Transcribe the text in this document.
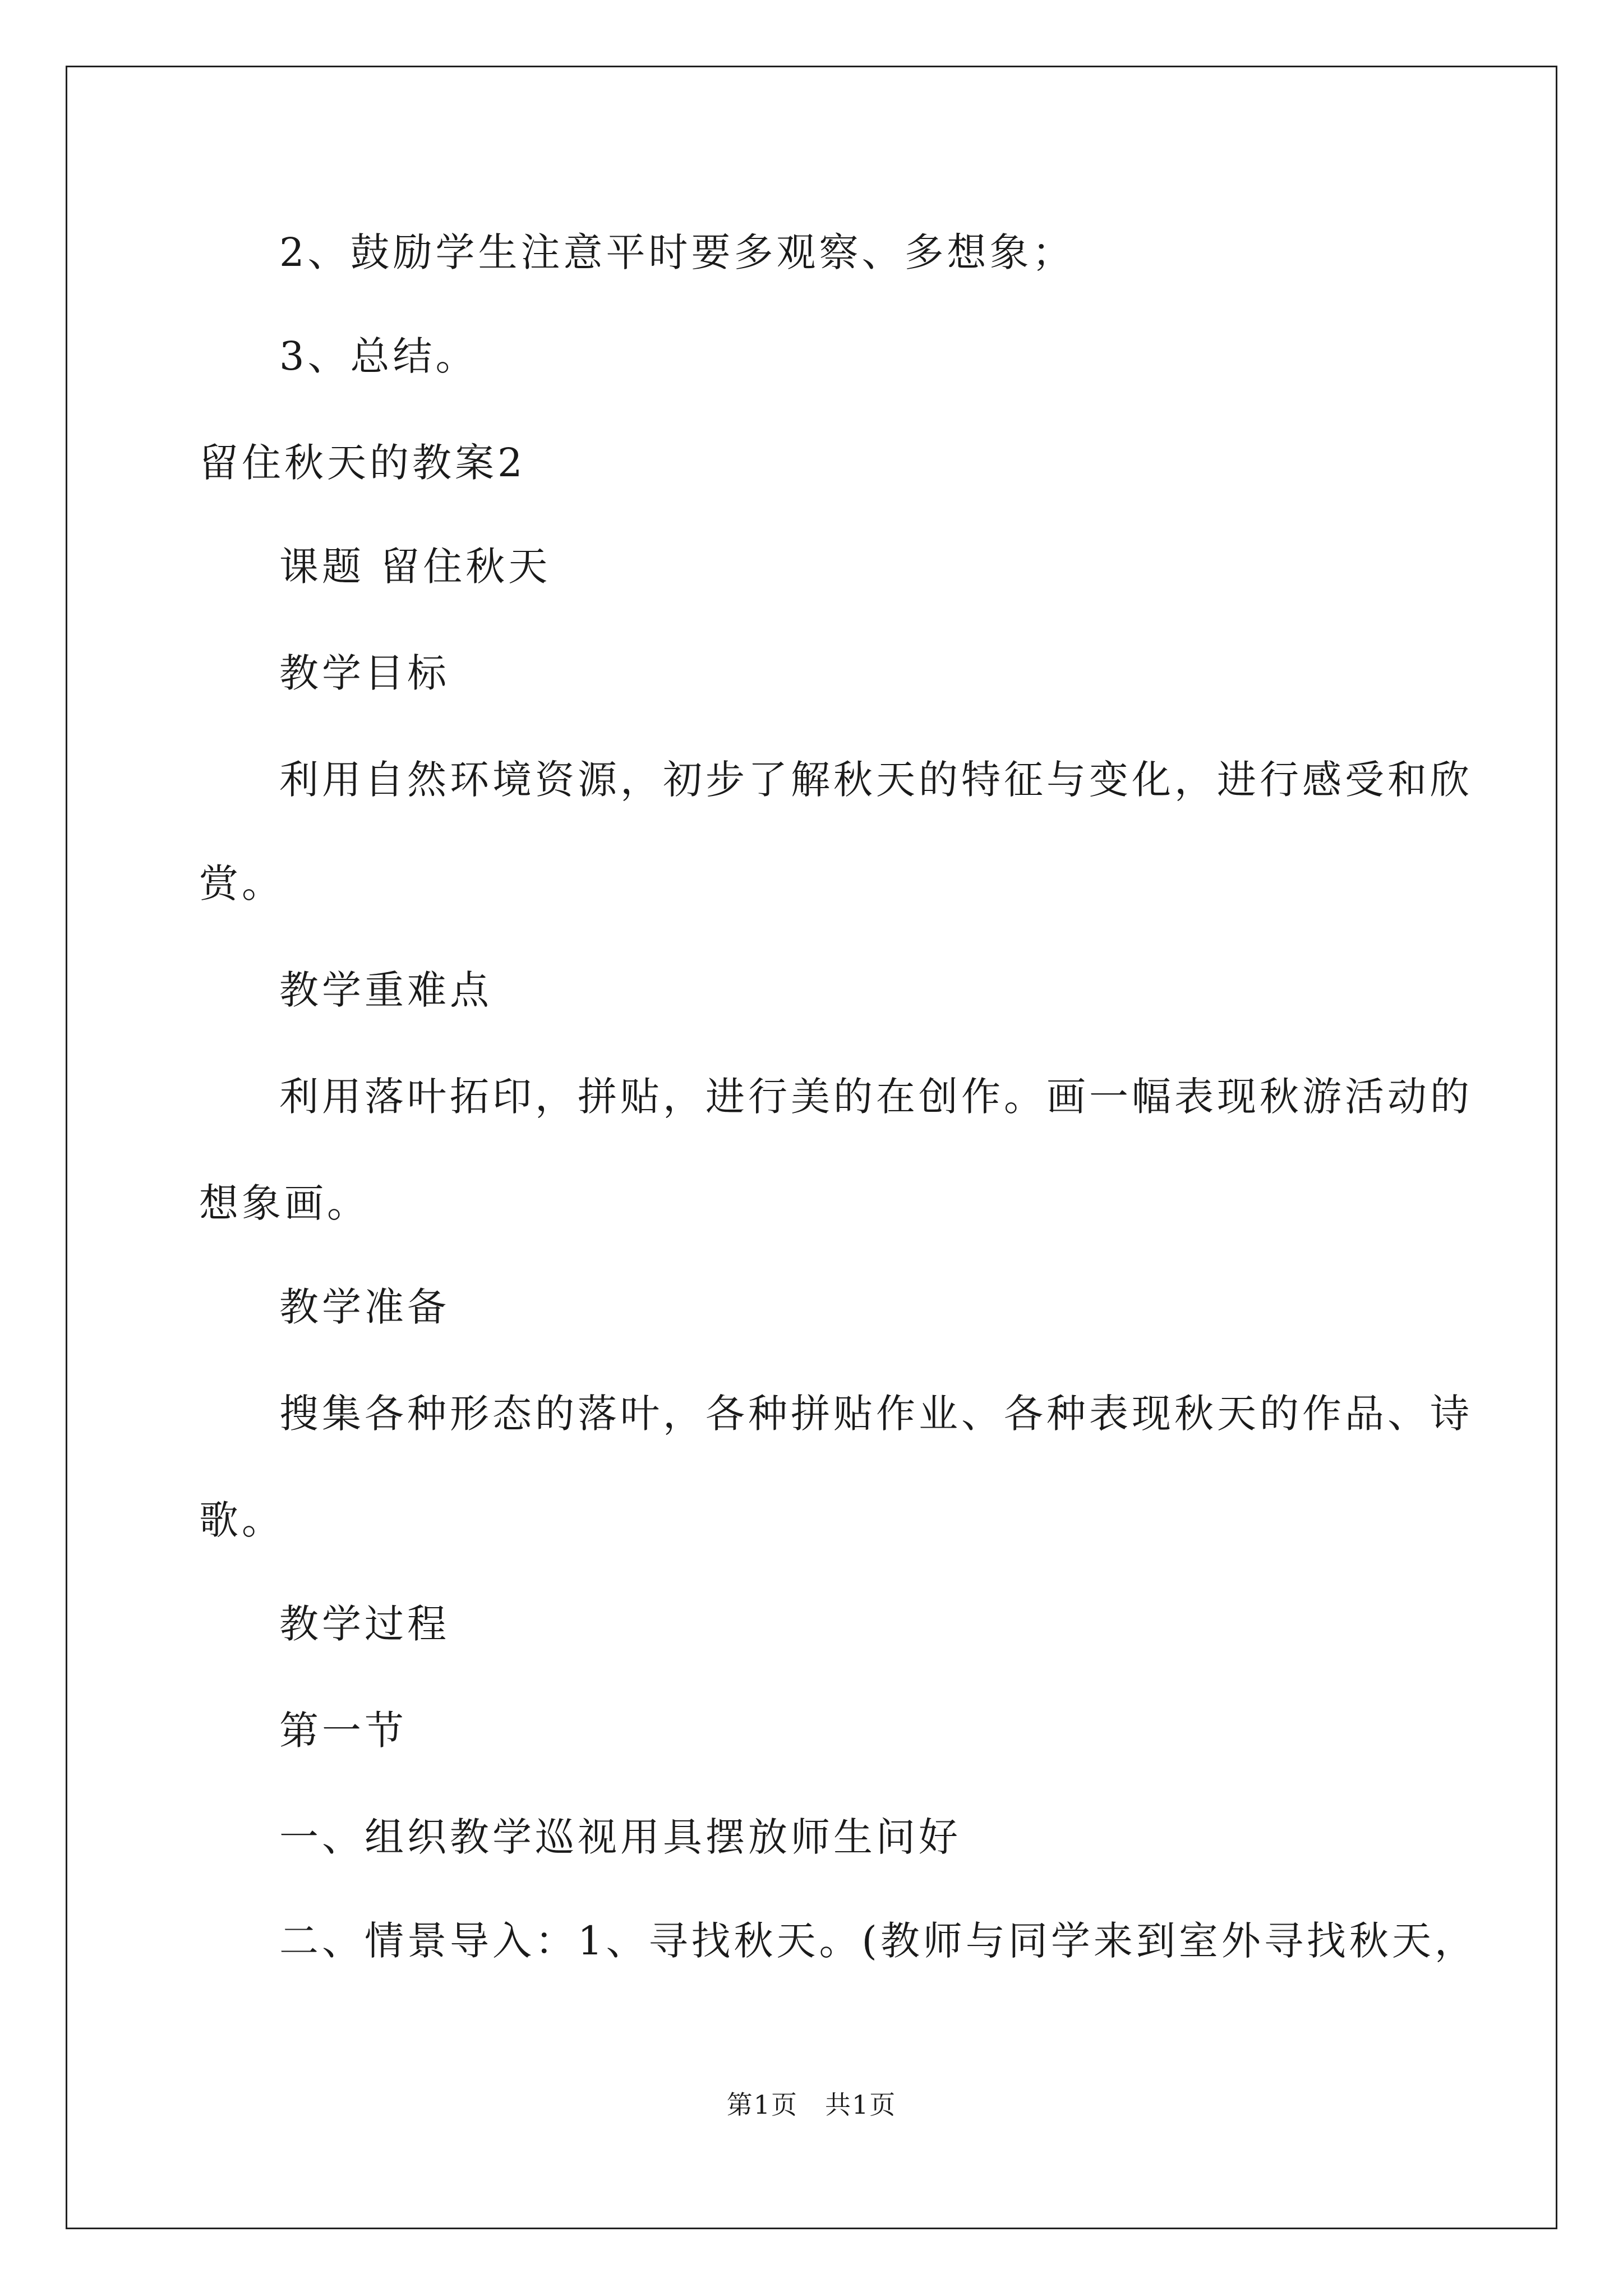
2、鼓励学生注意平时要多观察、多想象；
3、总结。
留住秋天的教案2
课题 留住秋天
教学目标
利用自然环境资源，初步了解秋天的特征与变化，进行感受和欣
赏。
教学重难点
利用落叶拓印，拼贴，进行美的在创作。画一幅表现秋游活动的
想象画。
教学准备
搜集各种形态的落叶，各种拼贴作业、各种表现秋天的作品、诗
歌。
教学过程
第一节
一、组织教学巡视用具摆放师生问好
二、情景导入：1、寻找秋天。(教师与同学来到室外寻找秋天，
第1页　共1页
